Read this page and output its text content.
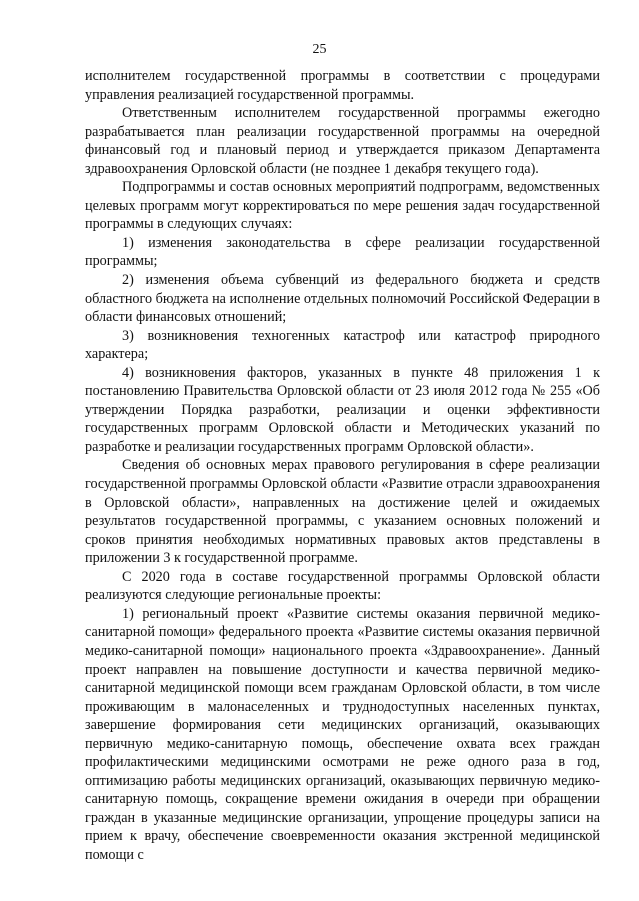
25

исполнителем государственной программы в соответствии с процедурами управления реализацией государственной программы.

Ответственным исполнителем государственной программы ежегодно разрабатывается план реализации государственной программы на очередной финансовый год и плановый период и утверждается приказом Департамента здравоохранения Орловской области (не позднее 1 декабря текущего года).

Подпрограммы и состав основных мероприятий подпрограмм, ведомственных целевых программ могут корректироваться по мере решения задач государственной программы в следующих случаях:

1) изменения законодательства в сфере реализации государственной программы;

2) изменения объема субвенций из федерального бюджета и средств областного бюджета на исполнение отдельных полномочий Российской Федерации в области финансовых отношений;

3) возникновения техногенных катастроф или катастроф природного характера;

4) возникновения факторов, указанных в пункте 48 приложения 1 к постановлению Правительства Орловской области от 23 июля 2012 года № 255 «Об утверждении Порядка разработки, реализации и оценки эффективности государственных программ Орловской области и Методических указаний по разработке и реализации государственных программ Орловской области».

Сведения об основных мерах правового регулирования в сфере реализации государственной программы Орловской области «Развитие отрасли здравоохранения в Орловской области», направленных на достижение целей и ожидаемых результатов государственной программы, с указанием основных положений и сроков принятия необходимых нормативных правовых актов представлены в приложении 3 к государственной программе.

С 2020 года в составе государственной программы Орловской области реализуются следующие региональные проекты:

1) региональный проект «Развитие системы оказания первичной медико-санитарной помощи» федерального проекта «Развитие системы оказания первичной медико-санитарной помощи» национального проекта «Здравоохранение». Данный проект направлен на повышение доступности и качества первичной медико-санитарной медицинской помощи всем гражданам Орловской области, в том числе проживающим в малонаселенных и труднодоступных населенных пунктах, завершение формирования сети медицинских организаций, оказывающих первичную медико-санитарную помощь, обеспечение охвата всех граждан профилактическими медицинскими осмотрами не реже одного раза в год, оптимизацию работы медицинских организаций, оказывающих первичную медико-санитарную помощь, сокращение времени ожидания в очереди при обращении граждан в указанные медицинские организации, упрощение процедуры записи на прием к врачу, обеспечение своевременности оказания экстренной медицинской помощи с
